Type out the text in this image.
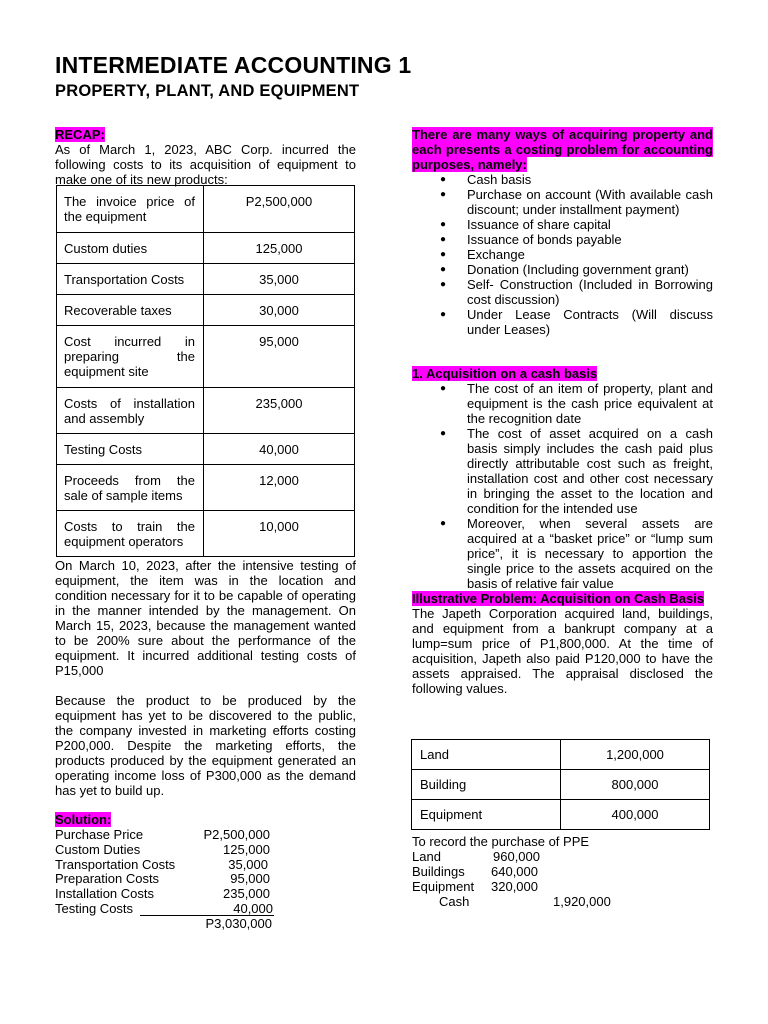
INTERMEDIATE ACCOUNTING 1
PROPERTY, PLANT, AND EQUIPMENT
RECAP:
As of March 1, 2023, ABC Corp. incurred the following costs to its acquisition of equipment to make one of its new products:
The invoice price of the equipment	P2,500,000
Custom duties	125,000
Transportation Costs	35,000
Recoverable taxes	30,000
Cost incurred in preparing the equipment site	95,000
Costs of installation and assembly	235,000
Testing Costs	40,000
Proceeds from the sale of sample items	12,000
Costs to train the equipment operators	10,000
On March 10, 2023, after the intensive testing of equipment, the item was in the location and condition necessary for it to be capable of operating in the manner intended by the management. On March 15, 2023, because the management wanted to be 200% sure about the performance of the equipment. It incurred additional testing costs of P15,000
Because the product to be produced by the equipment has yet to be discovered to the public, the company invested in marketing efforts costing P200,000. Despite the marketing efforts, the products produced by the equipment generated an operating income loss of P300,000 as the demand has yet to build up.
Solution:
Purchase Price	P2,500,000
Custom Duties	125,000
Transportation Costs	35,000
Preparation Costs	95,000
Installation Costs	235,000
Testing Costs	40,000
P3,030,000
There are many ways of acquiring property and each presents a costing problem for accounting purposes, namely:
● Cash basis
● Purchase on account (With available cash discount; under installment payment)
● Issuance of share capital
● Issuance of bonds payable
● Exchange
● Donation (Including government grant)
● Self- Construction (Included in Borrowing cost discussion)
● Under Lease Contracts (Will discuss under Leases)
1. Acquisition on a cash basis
● The cost of an item of property, plant and equipment is the cash price equivalent at the recognition date
● The cost of asset acquired on a cash basis simply includes the cash paid plus directly attributable cost such as freight, installation cost and other cost necessary in bringing the asset to the location and condition for the intended use
● Moreover, when several assets are acquired at a “basket price” or “lump sum price”, it is necessary to apportion the single price to the assets acquired on the basis of relative fair value
Illustrative Problem: Acquisition on Cash Basis
The Japeth Corporation acquired land, buildings, and equipment from a bankrupt company at a lump=sum price of P1,800,000. At the time of acquisition, Japeth also paid P120,000 to have the assets appraised. The appraisal disclosed the following values.
Land	1,200,000
Building	800,000
Equipment	400,000
To record the purchase of PPE
Land	960,000
Buildings 640,000
Equipment 320,000
Cash	1,920,000
